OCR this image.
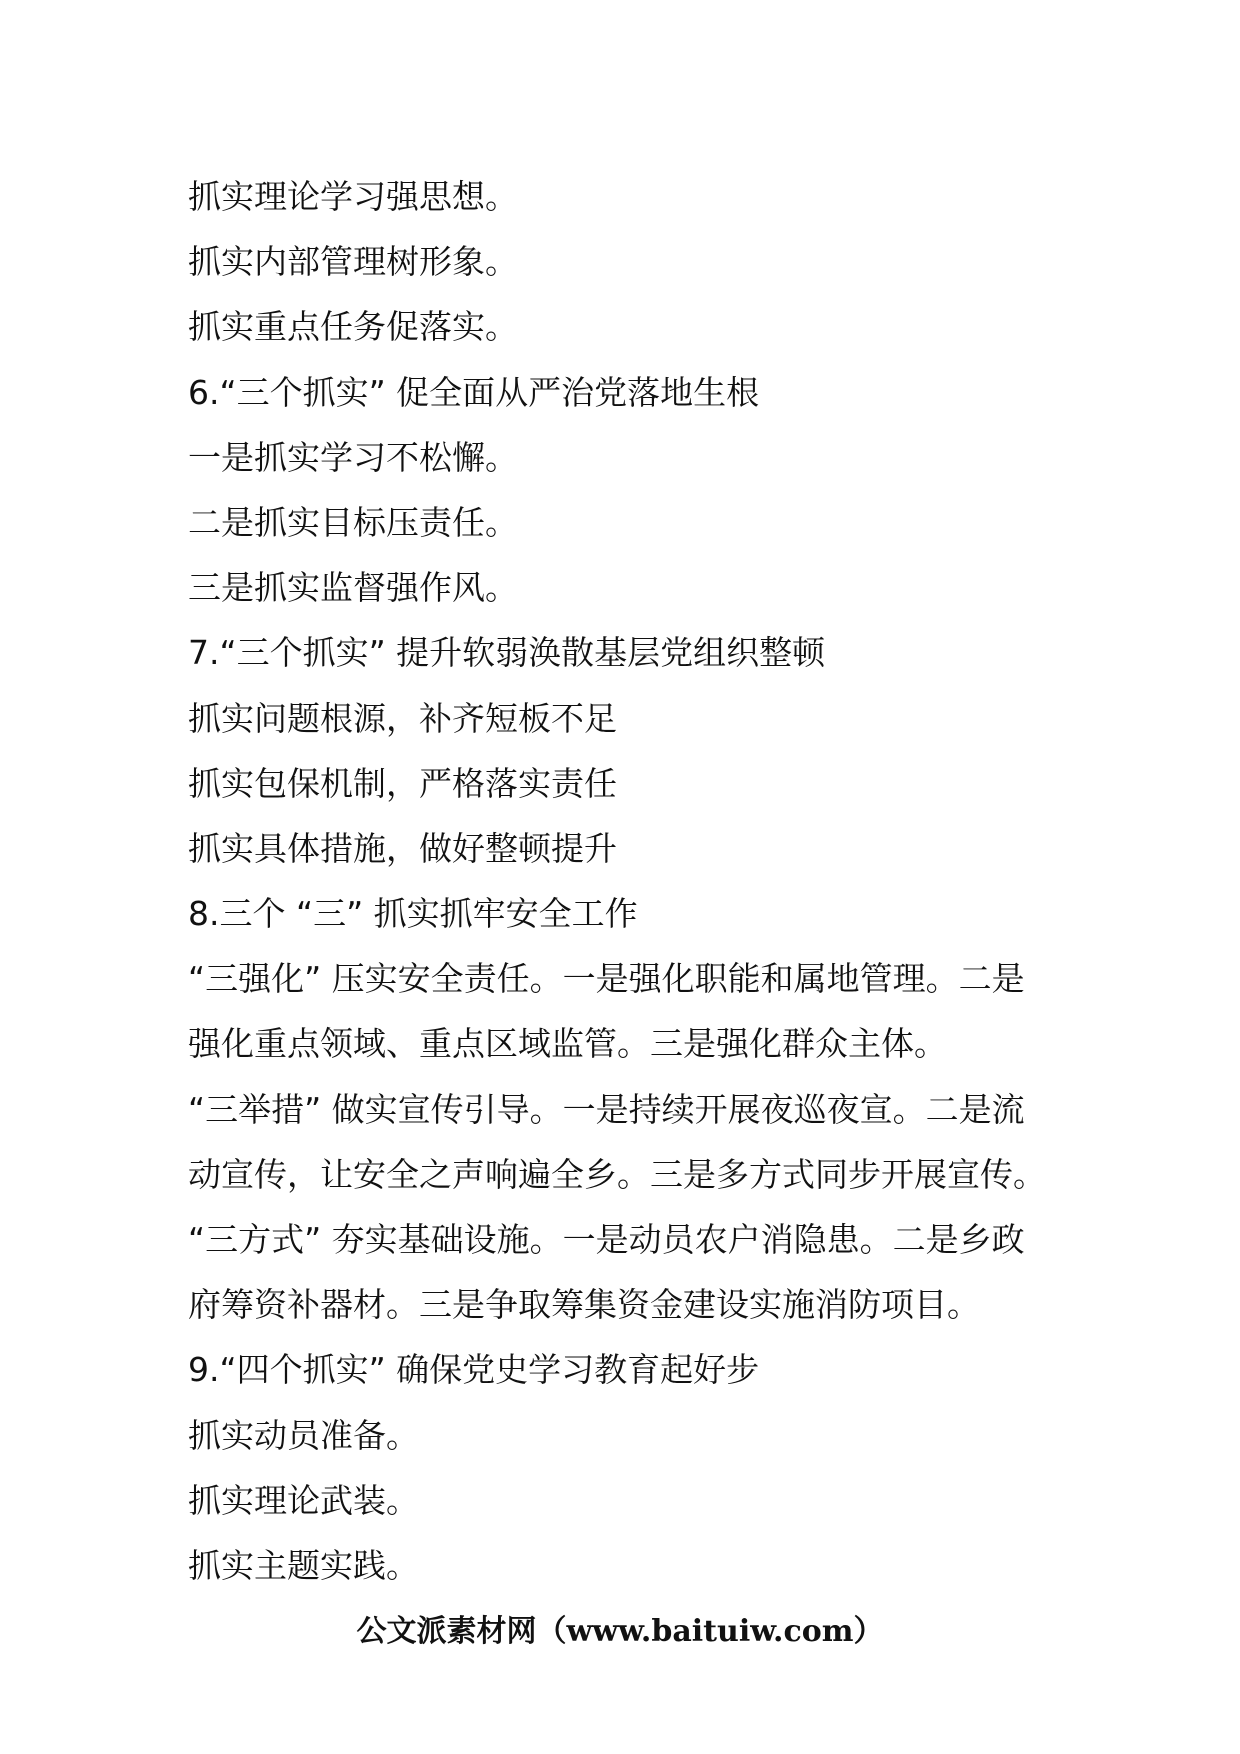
抓实理论学习强思想。
抓实内部管理树形象。
抓实重点任务促落实。
6.“三个抓实” 促全面从严治党落地生根
一是抓实学习不松懈。
二是抓实目标压责任。
三是抓实监督强作风。
7.“三个抓实” 提升软弱涣散基层党组织整顿
抓实问题根源，补齐短板不足
抓实包保机制，严格落实责任
抓实具体措施，做好整顿提升
8.三个 “三” 抓实抓牢安全工作
“三强化” 压实安全责任。一是强化职能和属地管理。二是
强化重点领域、重点区域监管。三是强化群众主体。
“三举措” 做实宣传引导。一是持续开展夜巡夜宣。二是流
动宣传，让安全之声响遍全乡。三是多方式同步开展宣传。
“三方式” 夯实基础设施。一是动员农户消隐患。二是乡政
府筹资补器材。三是争取筹集资金建设实施消防项目。
9.“四个抓实” 确保党史学习教育起好步
抓实动员准备。
抓实理论武装。
抓实主题实践。
公文派素材网（www.baituiw.com）
